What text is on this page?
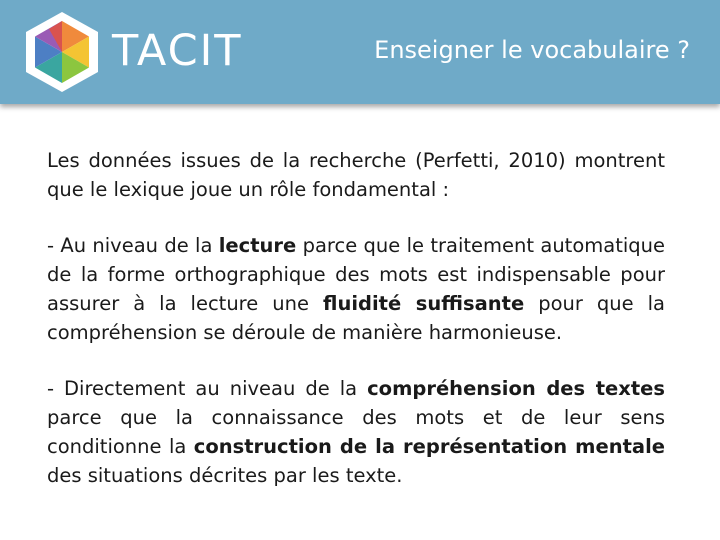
TACIT	Enseigner le vocabulaire ?

Les données issues de la recherche (Perfetti, 2010) montrent que le lexique joue un rôle fondamental :

- Au niveau de la lecture parce que le traitement automatique de la forme orthographique des mots est indispensable pour assurer à la lecture une fluidité suffisante pour que la compréhension se déroule de manière harmonieuse.

- Directement au niveau de la compréhension des textes parce que la connaissance des mots et de leur sens conditionne la construction de la représentation mentale des situations décrites par les texte.
